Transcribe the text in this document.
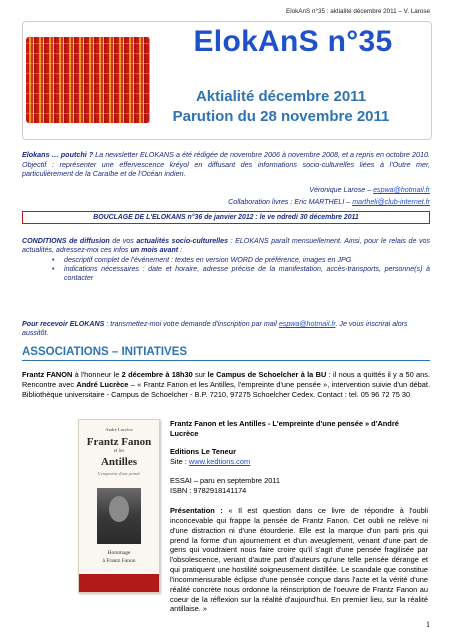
ElokAnS n°35 : aktialité décembre 2011 – V. Larose
ElokAnS n°35
Aktialité décembre 2011
Parution du 28 novembre 2011
Elokans … poutchi ? La newsletter ELOKANS a été rédigée de novembre 2006 à novembre 2008, et a repris en octobre 2010. Objectif : représenter une effervescence kréyol en diffusant des informations socio-culturelles liées à l'Outre mer, particulièrement de la Caraïbe et de l'Océan indien.
Véronique Larose – espwa@hotmail.fr
Collaboration livres : Eric MARTHELI – martheli@club-internet.fr
BOUCLAGE DE L'ELOKANS n°36 de janvier 2012 : le ve ndredi 30 décembre 2011
CONDITIONS de diffusion de vos actualités socio-culturelles : ELOKANS paraît mensuellement. Ainsi, pour le relais de vos actualités, adressez-moi ces infos un mois avant :
• descriptif complet de l'événement : textes en version WORD de préférence, images en JPG
• indications nécessaires : date et horaire, adresse précise de la manifestation, accès-transports, personne(s) à contacter
Pour recevoir ELOKANS : transmettez-moi votre demande d'inscription par mail espwa@hotmail.fr. Je vous inscrirai alors aussitôt.
ASSOCIATIONS – INITIATIVES
Frantz FANON à l'honneur le 2 décembre à 18h30 sur le Campus de Schoelcher à la BU : il nous a quittés il y a 50 ans. Rencontre avec André Lucrèce – « Frantz Fanon et les Antilles, l'empreinte d'une pensée », intervention suivie d'un débat. Bibliothèque universitaire - Campus de Schoelcher - B.P. 7210, 97275 Schoelcher Cedex. Contact : tel. 05 96 72 75 30
André Lucrèce
Frantz Fanon
et les
Antilles
L'empreinte d'une pensée
Hommage
à Frantz Fanon
Frantz Fanon et les Antilles - L'empreinte d'une pensée » d'André Lucrèce
Editions Le Teneur
Site : www.kedtions.com
ESSAI – paru en septembre 2011
ISBN : 9782918141174
Présentation : « Il est question dans ce livre de répondre à l'oubli inconcevable qui frappe la pensée de Frantz Fanon. Cet oubli ne relève ni d'une distraction ni d'une étourderie. Elle est la marque d'un parti pris qui prend la forme d'un ajournement et d'un aveuglement, venant d'une part de gens qui voudraient nous faire croire qu'il s'agit d'une pensée fragilisée par l'obsolescence, venant d'autre part d'auteurs qu'une telle pensée dérange et qui pratiquent une hostilité soigneusement distillée. Le scandale que constitue l'incommensurable éclipse d'une pensée conçue dans l'acte et la vérité d'une réalité concrète nous ordonne la réinscription de l'oeuvre de Frantz Fanon au coeur de la réflexion sur la réalité d'aujourd'hui. En premier lieu, sur la réalité antillaise. »
1
